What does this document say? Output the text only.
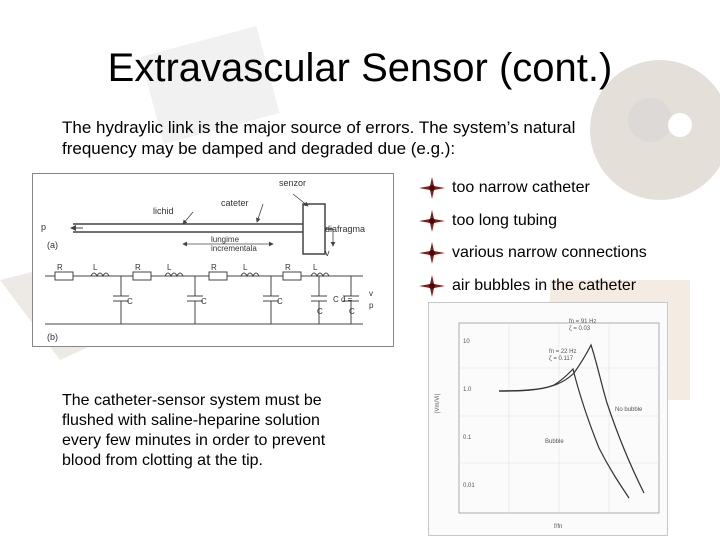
Extravascular Sensor (cont.)
The hydraylic link is the major source of errors. The system’s natural frequency may be damped and degraded due (e.g.):
senzor
lichid
cateter
p	diafragma
(a)
lungime
incrementala	v
R	L	R	L	R	L	R	L
C	C	C
C	C
C d =
v
p
(b)
too narrow catheter
too long tubing
various narrow connections
air bubbles in the catheter
fn = 91 Hz
ζ = 0.03
fn = 22 Hz
ζ = 0.117
No bubble
Bubble
10
1.0
0.1
0.01
|Vm/Vi|
f/fn
The catheter-sensor system must be flushed with saline-heparine solution every few minutes in order to prevent blood from clotting at the tip.
